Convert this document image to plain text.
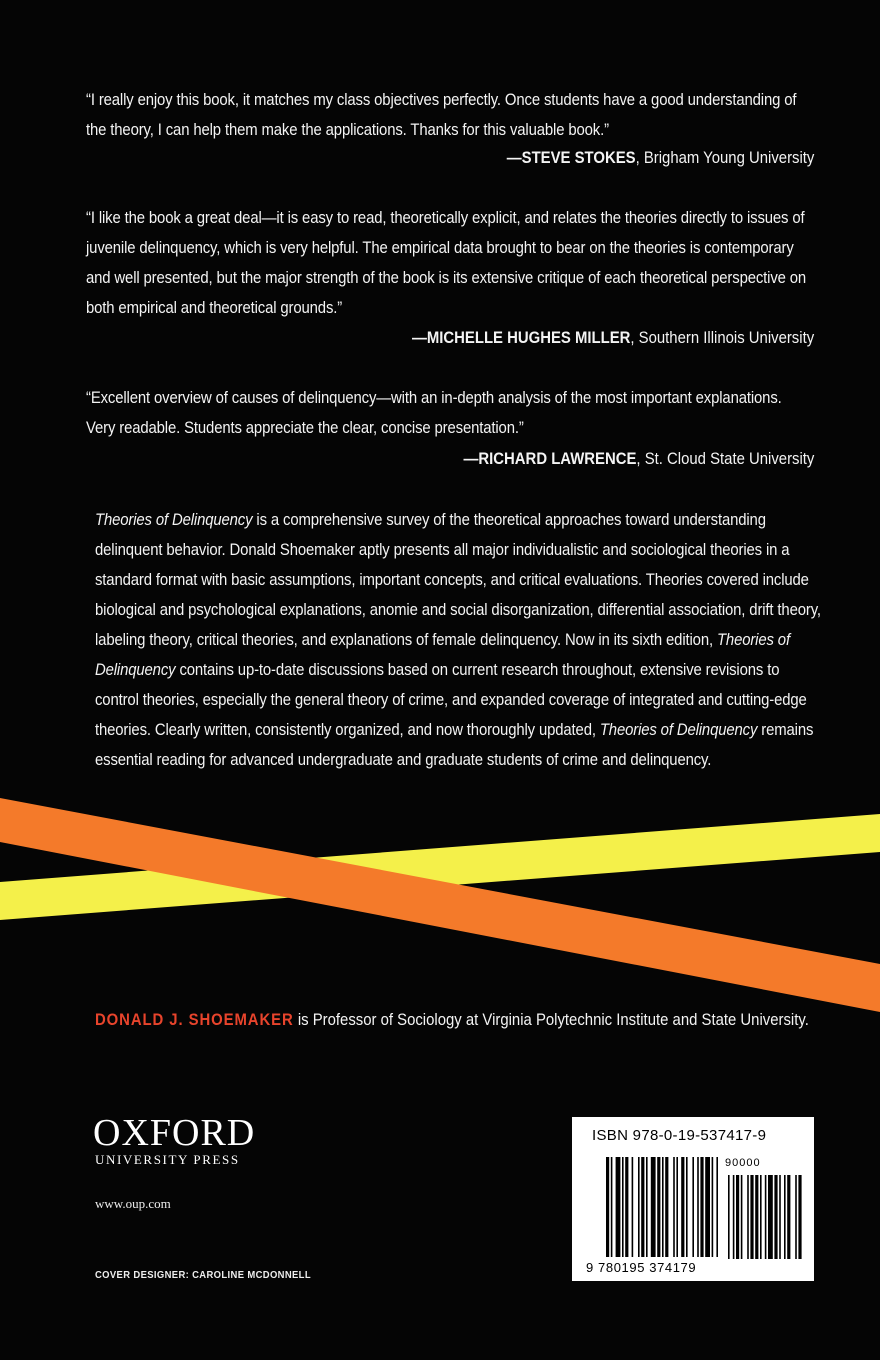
“I really enjoy this book, it matches my class objectives perfectly. Once students have a good understanding of the theory, I can help them make the applications. Thanks for this valuable book.”

—STEVE STOKES, Brigham Young University

“I like the book a great deal—it is easy to read, theoretically explicit, and relates the theories directly to issues of juvenile delinquency, which is very helpful. The empirical data brought to bear on the theories is contemporary and well presented, but the major strength of the book is its extensive critique of each theoretical perspective on both empirical and theoretical grounds.”

—MICHELLE HUGHES MILLER, Southern Illinois University

“Excellent overview of causes of delinquency—with an in-depth analysis of the most important explanations. Very readable. Students appreciate the clear, concise presentation.”

—RICHARD LAWRENCE, St. Cloud State University
Theories of Delinquency is a comprehensive survey of the theoretical approaches toward understanding delinquent behavior. Donald Shoemaker aptly presents all major individualistic and sociological theories in a standard format with basic assumptions, important concepts, and critical evaluations. Theories covered include biological and psychological explanations, anomie and social disorganization, differential association, drift theory, labeling theory, critical theories, and explanations of female delinquency. Now in its sixth edition, Theories of Delinquency contains up-to-date discussions based on current research throughout, extensive revisions to control theories, especially the general theory of crime, and expanded coverage of integrated and cutting-edge theories. Clearly written, consistently organized, and now thoroughly updated, Theories of Delinquency remains essential reading for advanced undergraduate and graduate students of crime and delinquency.
DONALD J. SHOEMAKER is Professor of Sociology at Virginia Polytechnic Institute and State University.
OXFORD
UNIVERSITY PRESS
www.oup.com
COVER DESIGNER: CAROLINE MCDONNELL
ISBN 978-0-19-537417-9
90000
9 780195 374179
